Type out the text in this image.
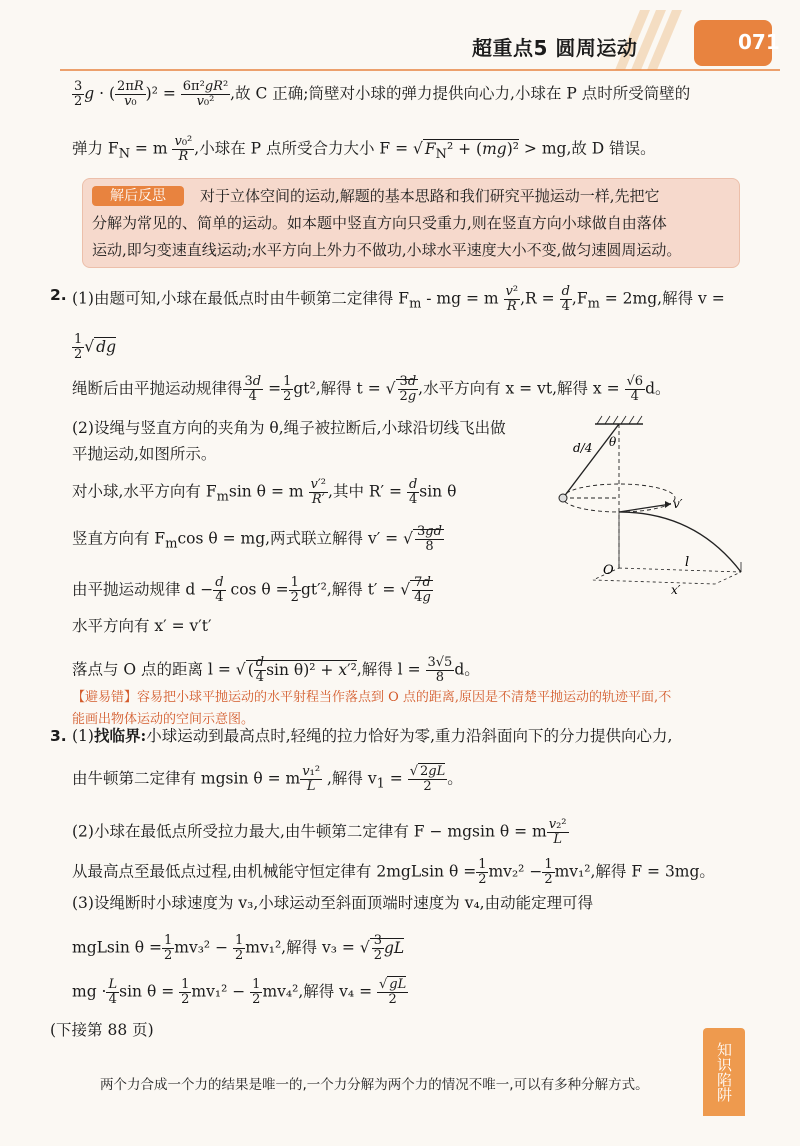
超重点5 圆周运动	071
$\frac{3}{2}$ g · ( $\frac{2\pi R}{\text{v₀}} )^2 = \frac{\text{6π²gR²}}{\text{v₀²}}$ ,故 C 正确;筒壁对小球的弹力提供向心力,小球在 P 点时所受筒壁的
弹力 $F_N = m \frac{\text{v₀²}}{R}$ ,小球在 P 点所受合力大小 F = √ $F_N^2 + (mg)^2$ > mg,故 D 错误。
解后反思	对于立体空间的运动,解题的基本思路和我们研究平抛运动一样,先把它
分解为常见的、简单的运动。如本题中竖直方向只受重力,则在竖直方向小球做自由落体
运动,即匀变速直线运动;水平方向上外力不做功,小球水平速度大小不变,做匀速圆周运动。
2. (1)由题可知,小球在最低点时由牛顿第二定律得 $F_m$ - mg = m $\frac{\text{v²}}{R} ,R = \frac{d}{4} ,F_m = 2mg$,解得 v =
$\frac{1}{2}$ √ dg
绳断后由平抛运动规律得 $\frac{3d}{4} = \frac{1}{2} gt^2$,解得 t = √ $\frac{3d}{2g}$ ,水平方向有 x = vt,解得 $x = \frac{√6}{4}$ d。
(2)设绳与竖直方向的夹角为 θ,绳子被拉断后,小球沿切线飞出做
平抛运动,如图所示。
对小球,水平方向有 $F_m\sin$ θ = m $\frac{\text{v′²}}{R'}$ ,其中 $R' = \frac{d}{4}$ sin θ
竖直方向有 $F_m\cos$ θ = mg,两式联立解得 v′ = √ $\frac{3gd}{8}$
由平抛运动规律 $d - \frac{d}{4}$ $\cos \theta = \frac{1}{2} gt'^2$,解得 t′ = √ $\frac{7d}{4g}$
水平方向有 x′ = v′t′
落点与 O 点的距离 l = √ ( $\frac{d}{4}$ sin θ)² + x′²,解得 $l = \frac{3√5}{8}$ d。
【避易错】容易把小球平抛运动的水平射程当作落点到 O 点的距离,原因是不清楚平抛运动的轨迹平面,不
能画出物体运动的空间示意图。
d/4 θ
v′
O
l
x′
3. (1)找临界:小球运动到最高点时,轻绳的拉力恰好为零,重力沿斜面向下的分力提供向心力,
由牛顿第二定律有 mgsin θ = m $\frac{\text{v₁²}}{L}$ ,解得 $v_1 = \frac{√ 2gL}{2}$ 。
(2)小球在最低点所受拉力最大,由牛顿第二定律有 F − mgsin θ = m $\frac{\text{v₂²}}{L}$
从最高点至最低点过程,由机械能守恒定律有 2mgLsin $\theta = \frac{1}{2} mv_2^2 - \frac{1}{2} mv_1^2$,解得 F = 3mg。
(3)设绳断时小球速度为 v₃,小球运动至斜面顶端时速度为 v₄,由动能定理可得
mgLsin $\theta = \frac{1}{2} mv_3^2 - \frac{1}{2} mv_1^2$,解得 v₃ = √ $\frac{3}{2}$ gL
mg · $\frac{L}{4}$ $\sin \theta = \frac{1}{2} mv_1^2 - \frac{1}{2} mv_4^2$,解得 $v_4 = \frac{√ gL}{2}$
(下接第 88 页)
两个力合成一个力的结果是唯一的,一个力分解为两个力的情况不唯一,可以有多种分解方式。	知识陷阱
